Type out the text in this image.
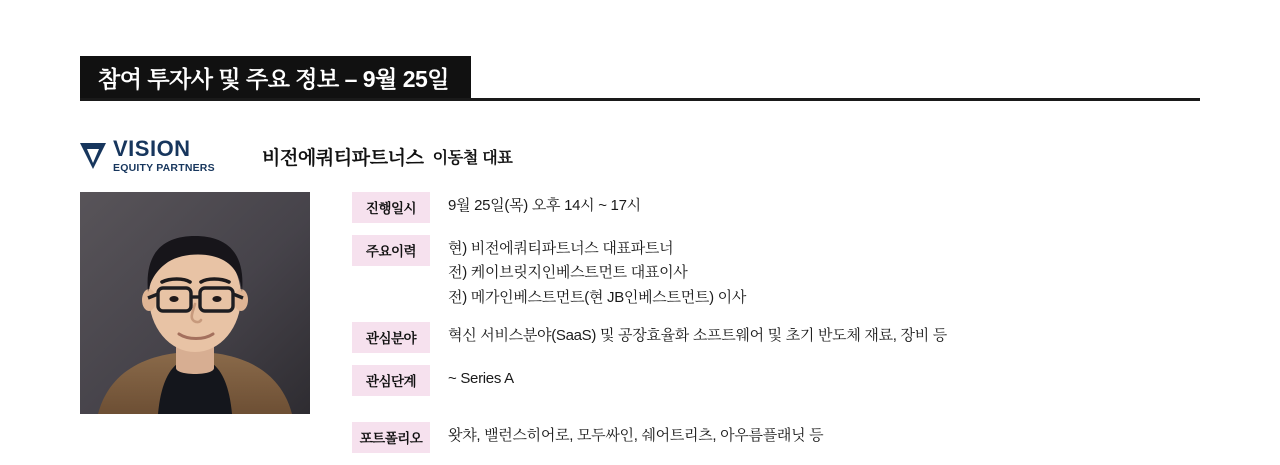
참여 투자사 및 주요 정보 – 9월 25일
VISION
EQUITY PARTNERS 비전에쿼티파트너스 이동철 대표
진행일시	9월 25일(목) 오후 14시 ~ 17시
주요이력	현) 비전에쿼티파트너스 대표파트너
전) 케이브릿지인베스트먼트 대표이사
전) 메가인베스트먼트(현 JB인베스트먼트) 이사
관심분야	혁신 서비스분야(SaaS) 및 공장효율화 소프트웨어 및 초기 반도체 재료, 장비 등
관심단계	~ Series A
포트폴리오	왓챠, 밸런스히어로, 모두싸인, 쉐어트리츠, 아우름플래닛 등
